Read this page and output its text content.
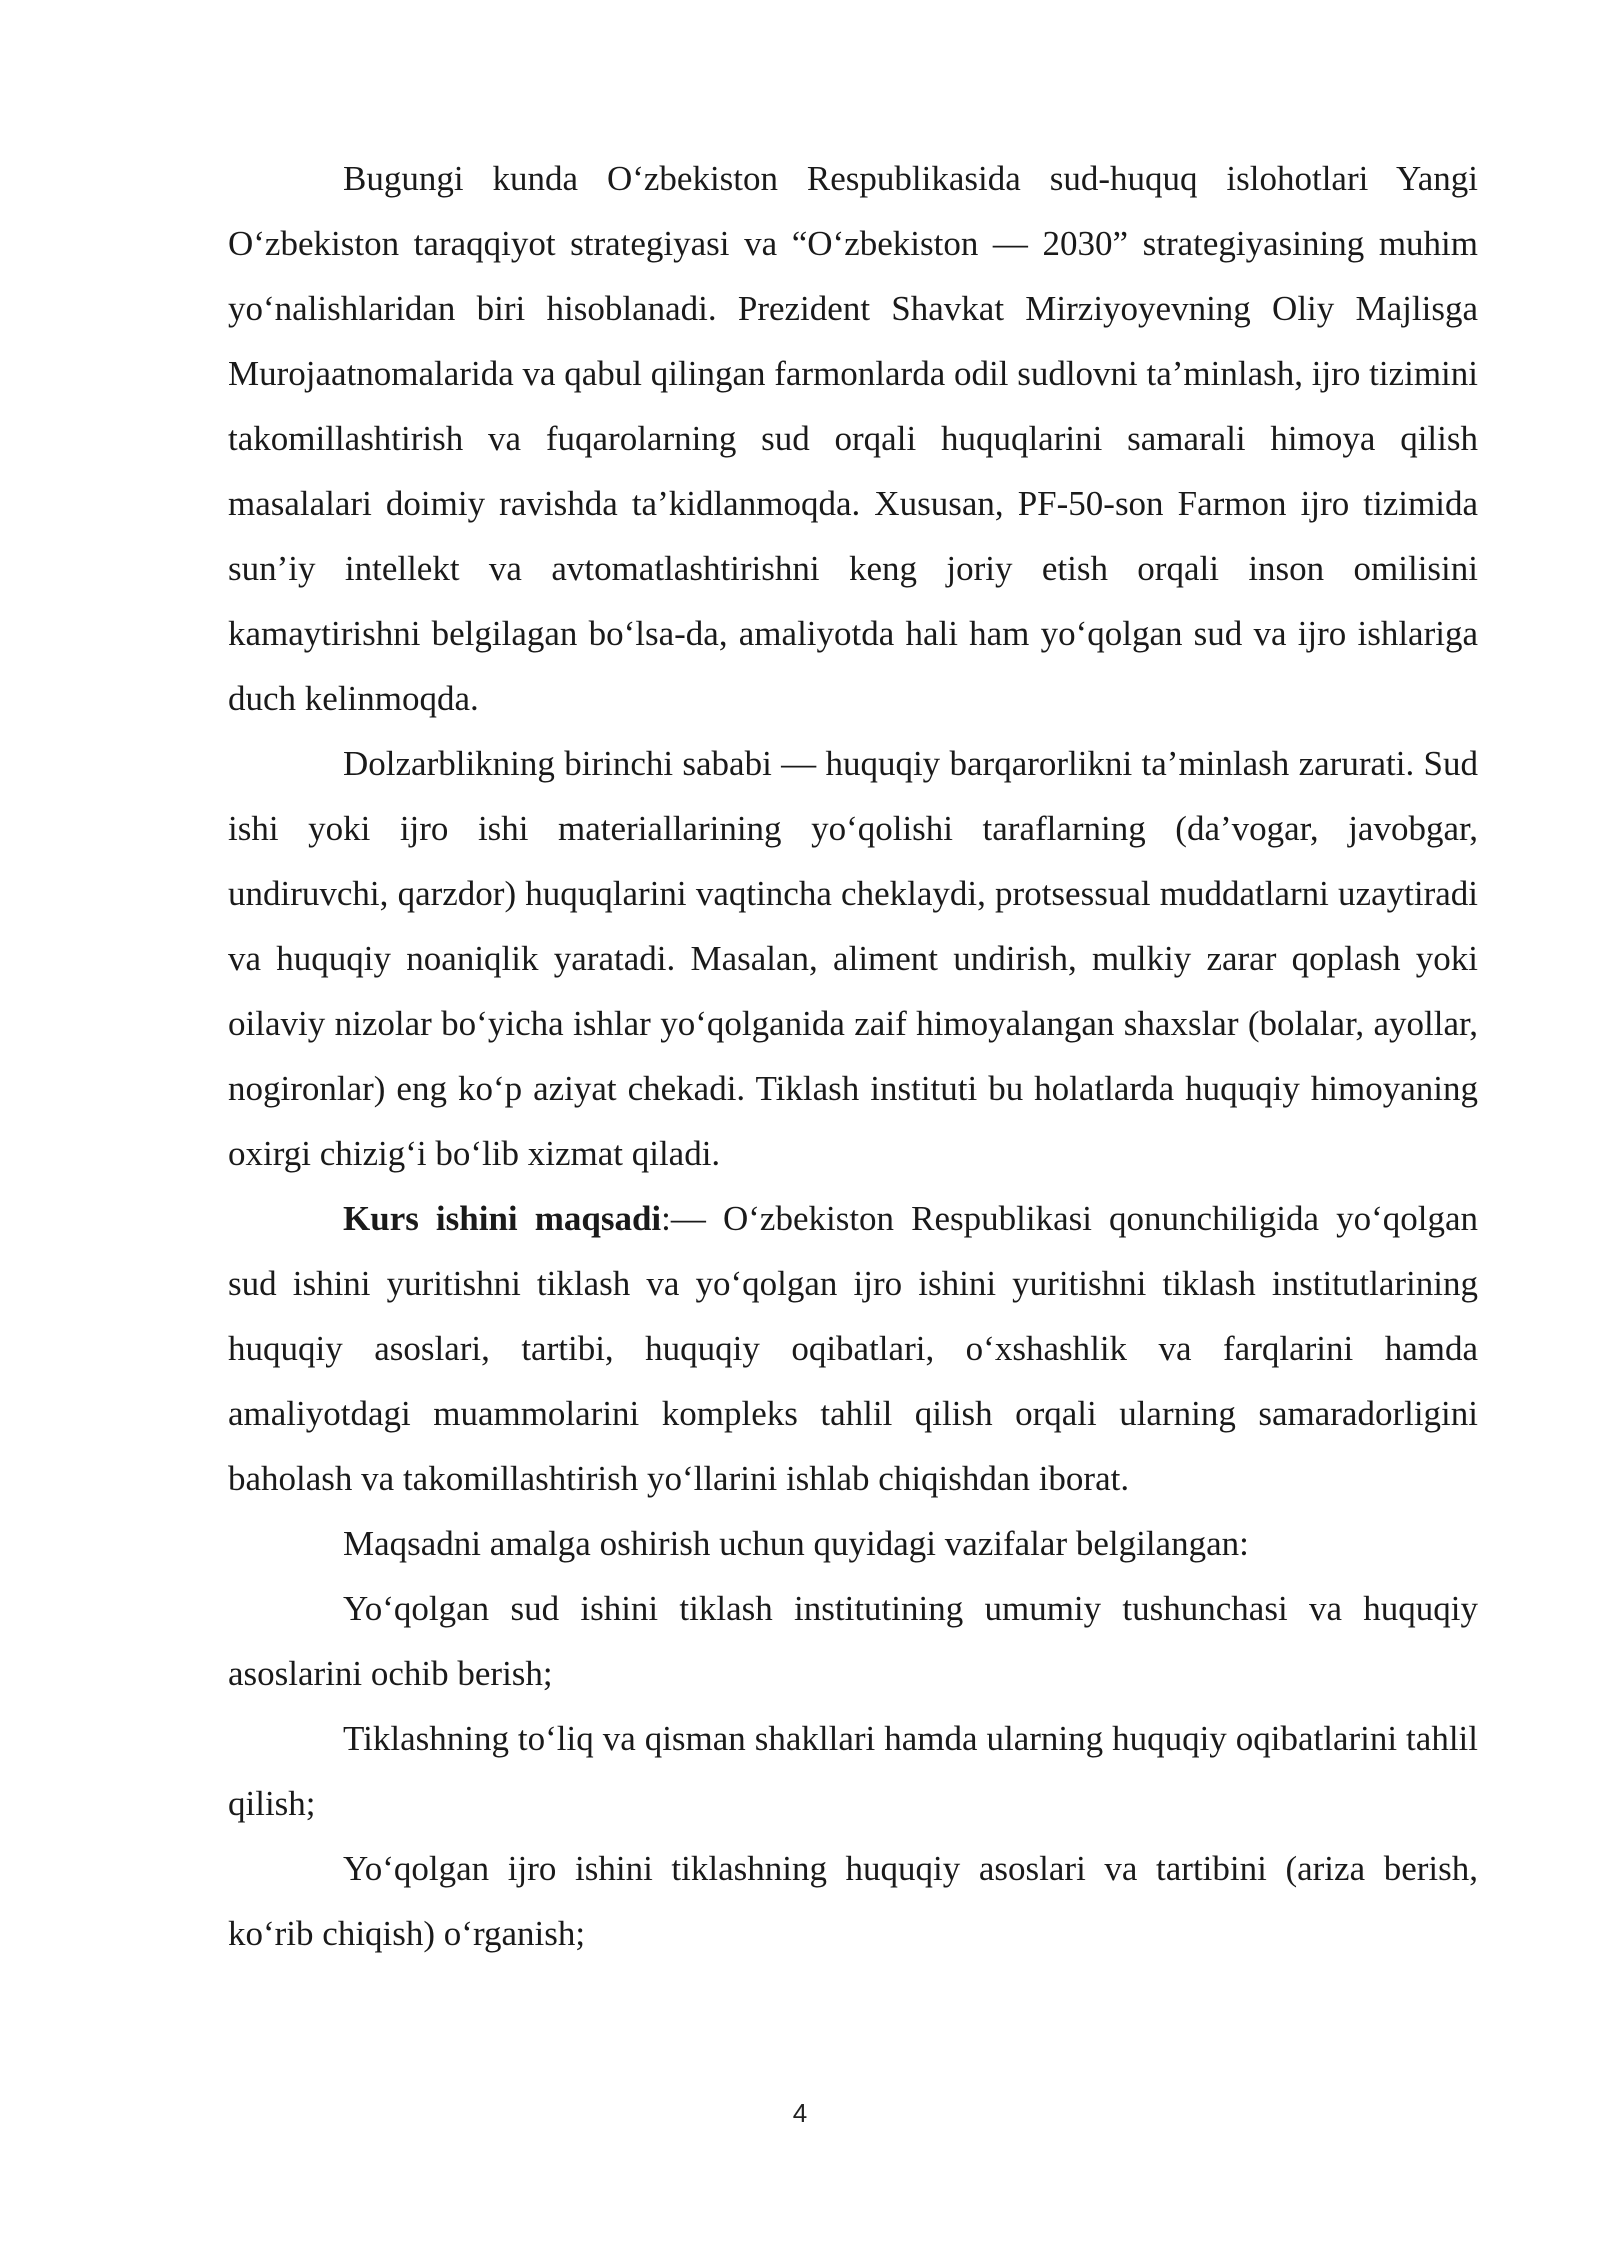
Bugungi kunda O‘zbekiston Respublikasida sud-huquq islohotlari Yangi O‘zbekiston taraqqiyot strategiyasi va “O‘zbekiston — 2030” strategiyasining muhim yo‘nalishlaridan biri hisoblanadi. Prezident Shavkat Mirziyoyevning Oliy Majlisga Murojaatnomalarida va qabul qilingan farmonlarda odil sudlovni ta’minlash, ijro tizimini takomillashtirish va fuqarolarning sud orqali huquqlarini samarali himoya qilish masalalari doimiy ravishda ta’kidlanmoqda. Xususan, PF-50-son Farmon ijro tizimida sun’iy intellekt va avtomatlashtirishni keng joriy etish orqali inson omilisini kamaytirishni belgilagan bo‘lsa-da, amaliyotda hali ham yo‘qolgan sud va ijro ishlariga duch kelinmoqda.

Dolzarblikning birinchi sababi — huquqiy barqarorlikni ta’minlash zarurati. Sud ishi yoki ijro ishi materiallarining yo‘qolishi taraflarning (da’vogar, javobgar, undiruvchi, qarzdor) huquqlarini vaqtincha cheklaydi, protsessual muddatlarni uzaytiradi va huquqiy noaniqlik yaratadi. Masalan, aliment undirish, mulkiy zarar qoplash yoki oilaviy nizolar bo‘yicha ishlar yo‘qolganida zaif himoyalangan shaxslar (bolalar, ayollar, nogironlar) eng ko‘p aziyat chekadi. Tiklash instituti bu holatlarda huquqiy himoyaning oxirgi chizig‘i bo‘lib xizmat qiladi.

Kurs ishini maqsadi:— O‘zbekiston Respublikasi qonunchiligida yo‘qolgan sud ishini yuritishni tiklash va yo‘qolgan ijro ishini yuritishni tiklash institutlarining huquqiy asoslari, tartibi, huquqiy oqibatlari, o‘xshashlik va farqlarini hamda amaliyotdagi muammolarini kompleks tahlil qilish orqali ularning samaradorligini baholash va takomillashtirish yo‘llarini ishlab chiqishdan iborat.

Maqsadni amalga oshirish uchun quyidagi vazifalar belgilangan:

Yo‘qolgan sud ishini tiklash institutining umumiy tushunchasi va huquqiy asoslarini ochib berish;

Tiklashning to‘liq va qisman shakllari hamda ularning huquqiy oqibatlarini tahlil qilish;

Yo‘qolgan ijro ishini tiklashning huquqiy asoslari va tartibini (ariza berish, ko‘rib chiqish) o‘rganish;

4
